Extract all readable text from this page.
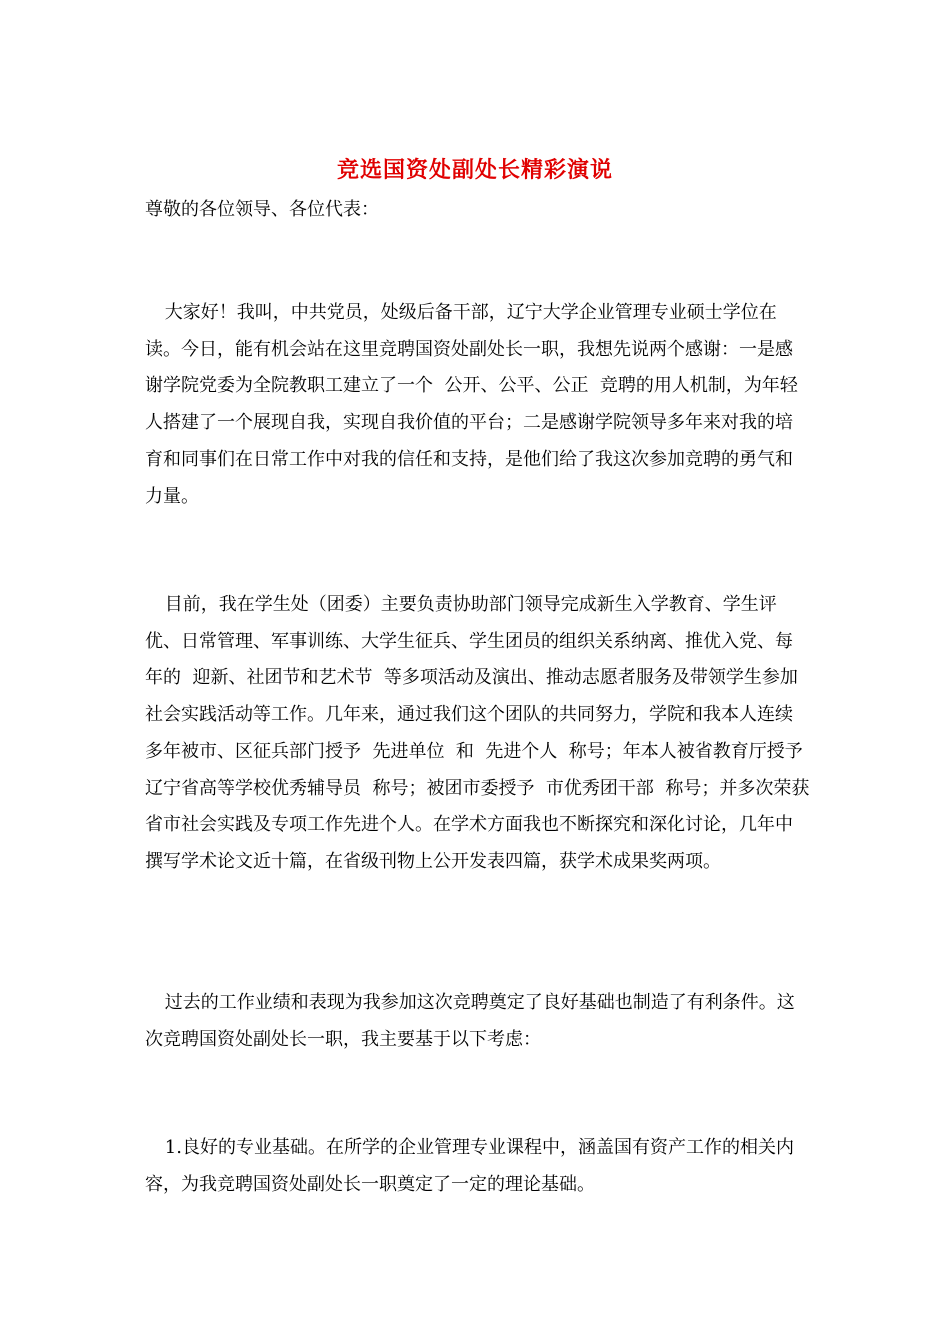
竞选国资处副处长精彩演说

尊敬的各位领导、各位代表：

大家好！我叫，中共党员，处级后备干部，辽宁大学企业管理专业硕士学位在读。今日，能有机会站在这里竞聘国资处副处长一职，我想先说两个感谢：一是感谢学院党委为全院教职工建立了一个  公开、公平、公正  竞聘的用人机制，为年轻人搭建了一个展现自我，实现自我价值的平台；二是感谢学院领导多年来对我的培育和同事们在日常工作中对我的信任和支持，是他们给了我这次参加竞聘的勇气和力量。

目前，我在学生处（团委）主要负责协助部门领导完成新生入学教育、学生评优、日常管理、军事训练、大学生征兵、学生团员的组织关系纳离、推优入党、每年的  迎新、社团节和艺术节  等多项活动及演出、推动志愿者服务及带领学生参加社会实践活动等工作。几年来，通过我们这个团队的共同努力，学院和我本人连续多年被市、区征兵部门授予  先进单位  和  先进个人  称号；年本人被省教育厅授予  辽宁省高等学校优秀辅导员  称号；被团市委授予  市优秀团干部  称号；并多次荣获省市社会实践及专项工作先进个人。在学术方面我也不断探究和深化讨论，几年中撰写学术论文近十篇，在省级刊物上公开发表四篇，获学术成果奖两项。

过去的工作业绩和表现为我参加这次竞聘奠定了良好基础也制造了有利条件。这次竞聘国资处副处长一职，我主要基于以下考虑：

1.良好的专业基础。在所学的企业管理专业课程中，涵盖国有资产工作的相关内容，为我竞聘国资处副处长一职奠定了一定的理论基础。
